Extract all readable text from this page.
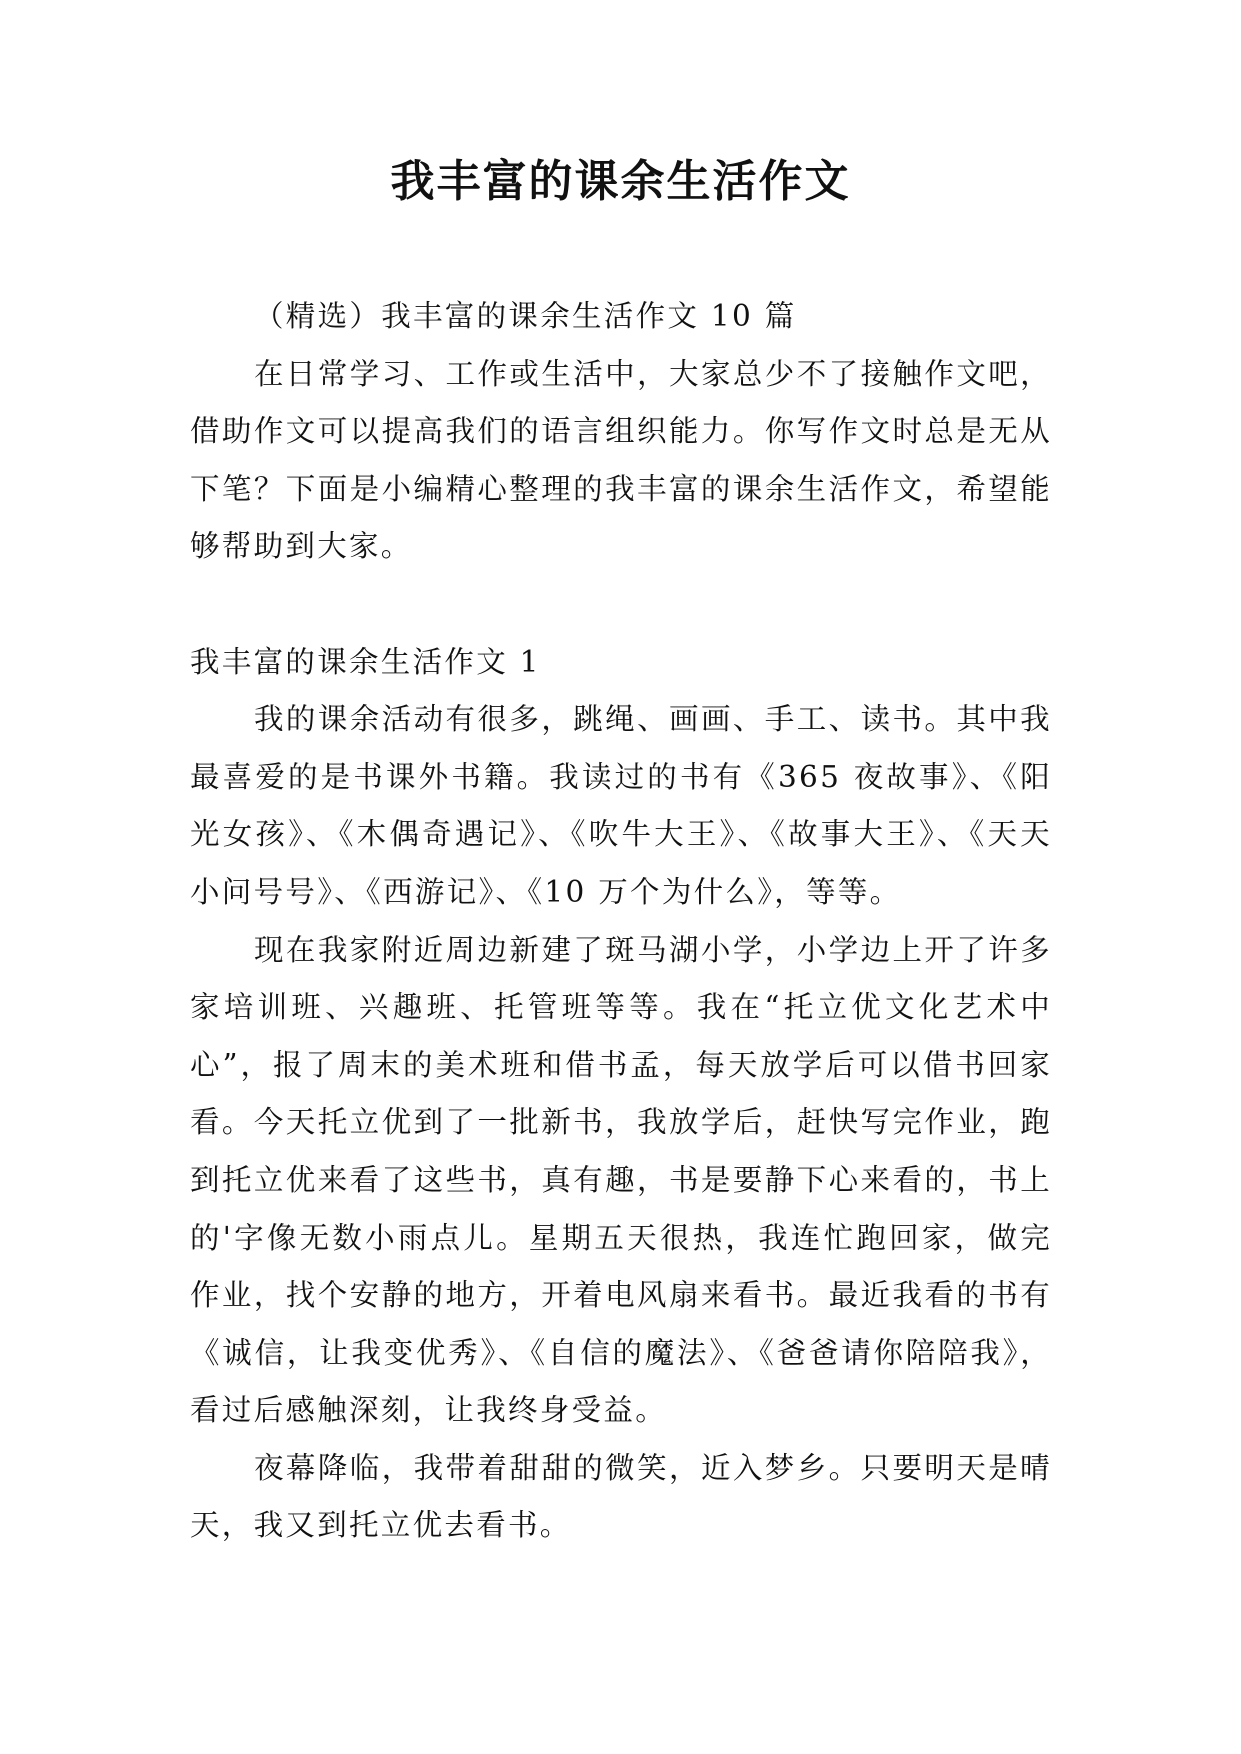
我丰富的课余生活作文

（精选）我丰富的课余生活作文 10 篇

在日常学习、工作或生活中，大家总少不了接触作文吧，借助作文可以提高我们的语言组织能力。你写作文时总是无从下笔？下面是小编精心整理的我丰富的课余生活作文，希望能够帮助到大家。

我丰富的课余生活作文 1

我的课余活动有很多，跳绳、画画、手工、读书。其中我最喜爱的是书课外书籍。我读过的书有《365 夜故事》、《阳光女孩》、《木偶奇遇记》、《吹牛大王》、《故事大王》、《天天小问号号》、《西游记》、《10 万个为什么》，等等。

现在我家附近周边新建了斑马湖小学，小学边上开了许多家培训班、兴趣班、托管班等等。我在“托立优文化艺术中心”，报了周末的美术班和借书孟，每天放学后可以借书回家看。今天托立优到了一批新书，我放学后，赶快写完作业，跑到托立优来看了这些书，真有趣，书是要静下心来看的，书上的'字像无数小雨点儿。星期五天很热，我连忙跑回家，做完作业，找个安静的地方，开着电风扇来看书。最近我看的书有《诚信，让我变优秀》、《自信的魔法》、《爸爸请你陪陪我》，看过后感触深刻，让我终身受益。

夜幕降临，我带着甜甜的微笑，近入梦乡。只要明天是晴天，我又到托立优去看书。
